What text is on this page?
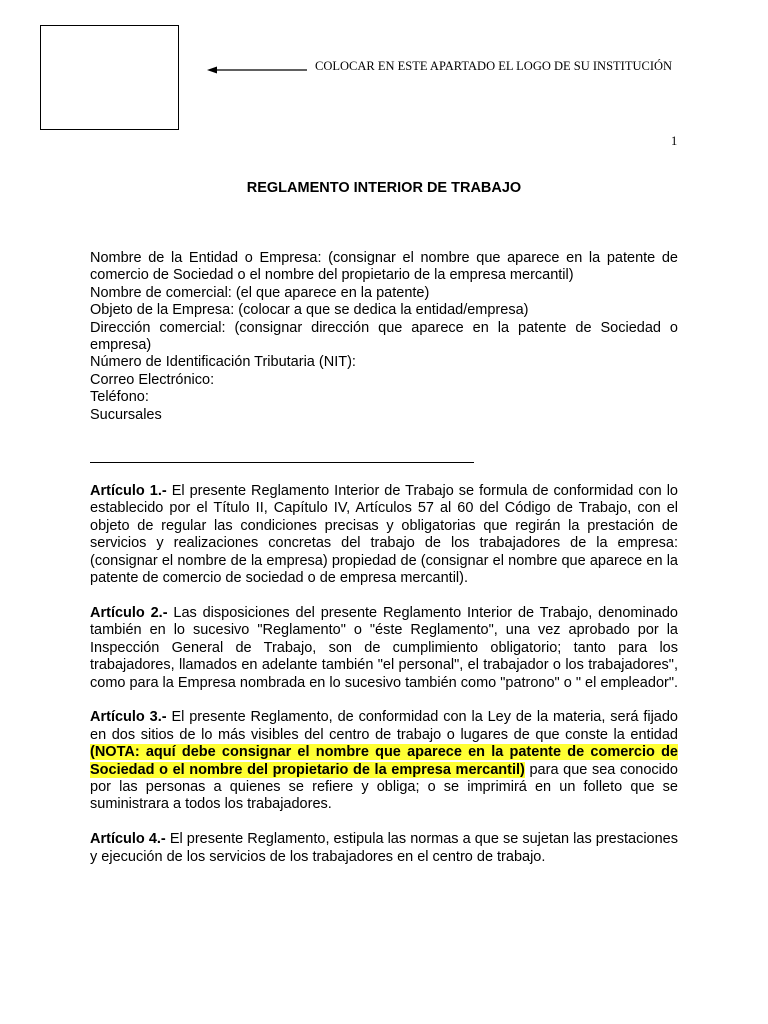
COLOCAR EN ESTE APARTADO EL LOGO DE SU INSTITUCIÓN
1
REGLAMENTO INTERIOR DE TRABAJO

Nombre de la Entidad o Empresa: (consignar el nombre que aparece en la patente de comercio de Sociedad o el nombre del propietario de la empresa mercantil)

Nombre de comercial: (el que aparece en la patente)

Objeto de la Empresa: (colocar a que se dedica la entidad/empresa)

Dirección comercial: (consignar dirección que aparece en la patente de Sociedad o empresa)

Número de Identificación Tributaria (NIT):

Correo Electrónico:

Teléfono:

Sucursales

Artículo 1.- El presente Reglamento Interior de Trabajo se formula de conformidad con lo establecido por el Título II, Capítulo IV, Artículos 57 al 60 del Código de Trabajo, con el objeto de regular las condiciones precisas y obligatorias que regirán la prestación de servicios y realizaciones concretas del trabajo de los trabajadores de la empresa: (consignar el nombre de la empresa) propiedad de (consignar el nombre que aparece en la patente de comercio de sociedad o de empresa mercantil).

Artículo 2.- Las disposiciones del presente Reglamento Interior de Trabajo, denominado también en lo sucesivo "Reglamento" o "éste Reglamento", una vez aprobado por la Inspección General de Trabajo, son de cumplimiento obligatorio; tanto para los trabajadores, llamados en adelante también "el personal", el trabajador o los trabajadores", como para la Empresa nombrada en lo sucesivo también como "patrono" o " el empleador".

Artículo 3.- El presente Reglamento, de conformidad con la Ley de la materia, será fijado en dos sitios de lo más visibles del centro de trabajo o lugares de que conste la entidad (NOTA: aquí debe consignar el nombre que aparece en la patente de comercio de Sociedad o el nombre del propietario de la empresa mercantil) para que sea conocido por las personas a quienes se refiere y obliga; o se imprimirá en un folleto que se suministrara a todos los trabajadores.

Artículo 4.- El presente Reglamento, estipula las normas a que se sujetan las prestaciones y ejecución de los servicios de los trabajadores en el centro de trabajo.
